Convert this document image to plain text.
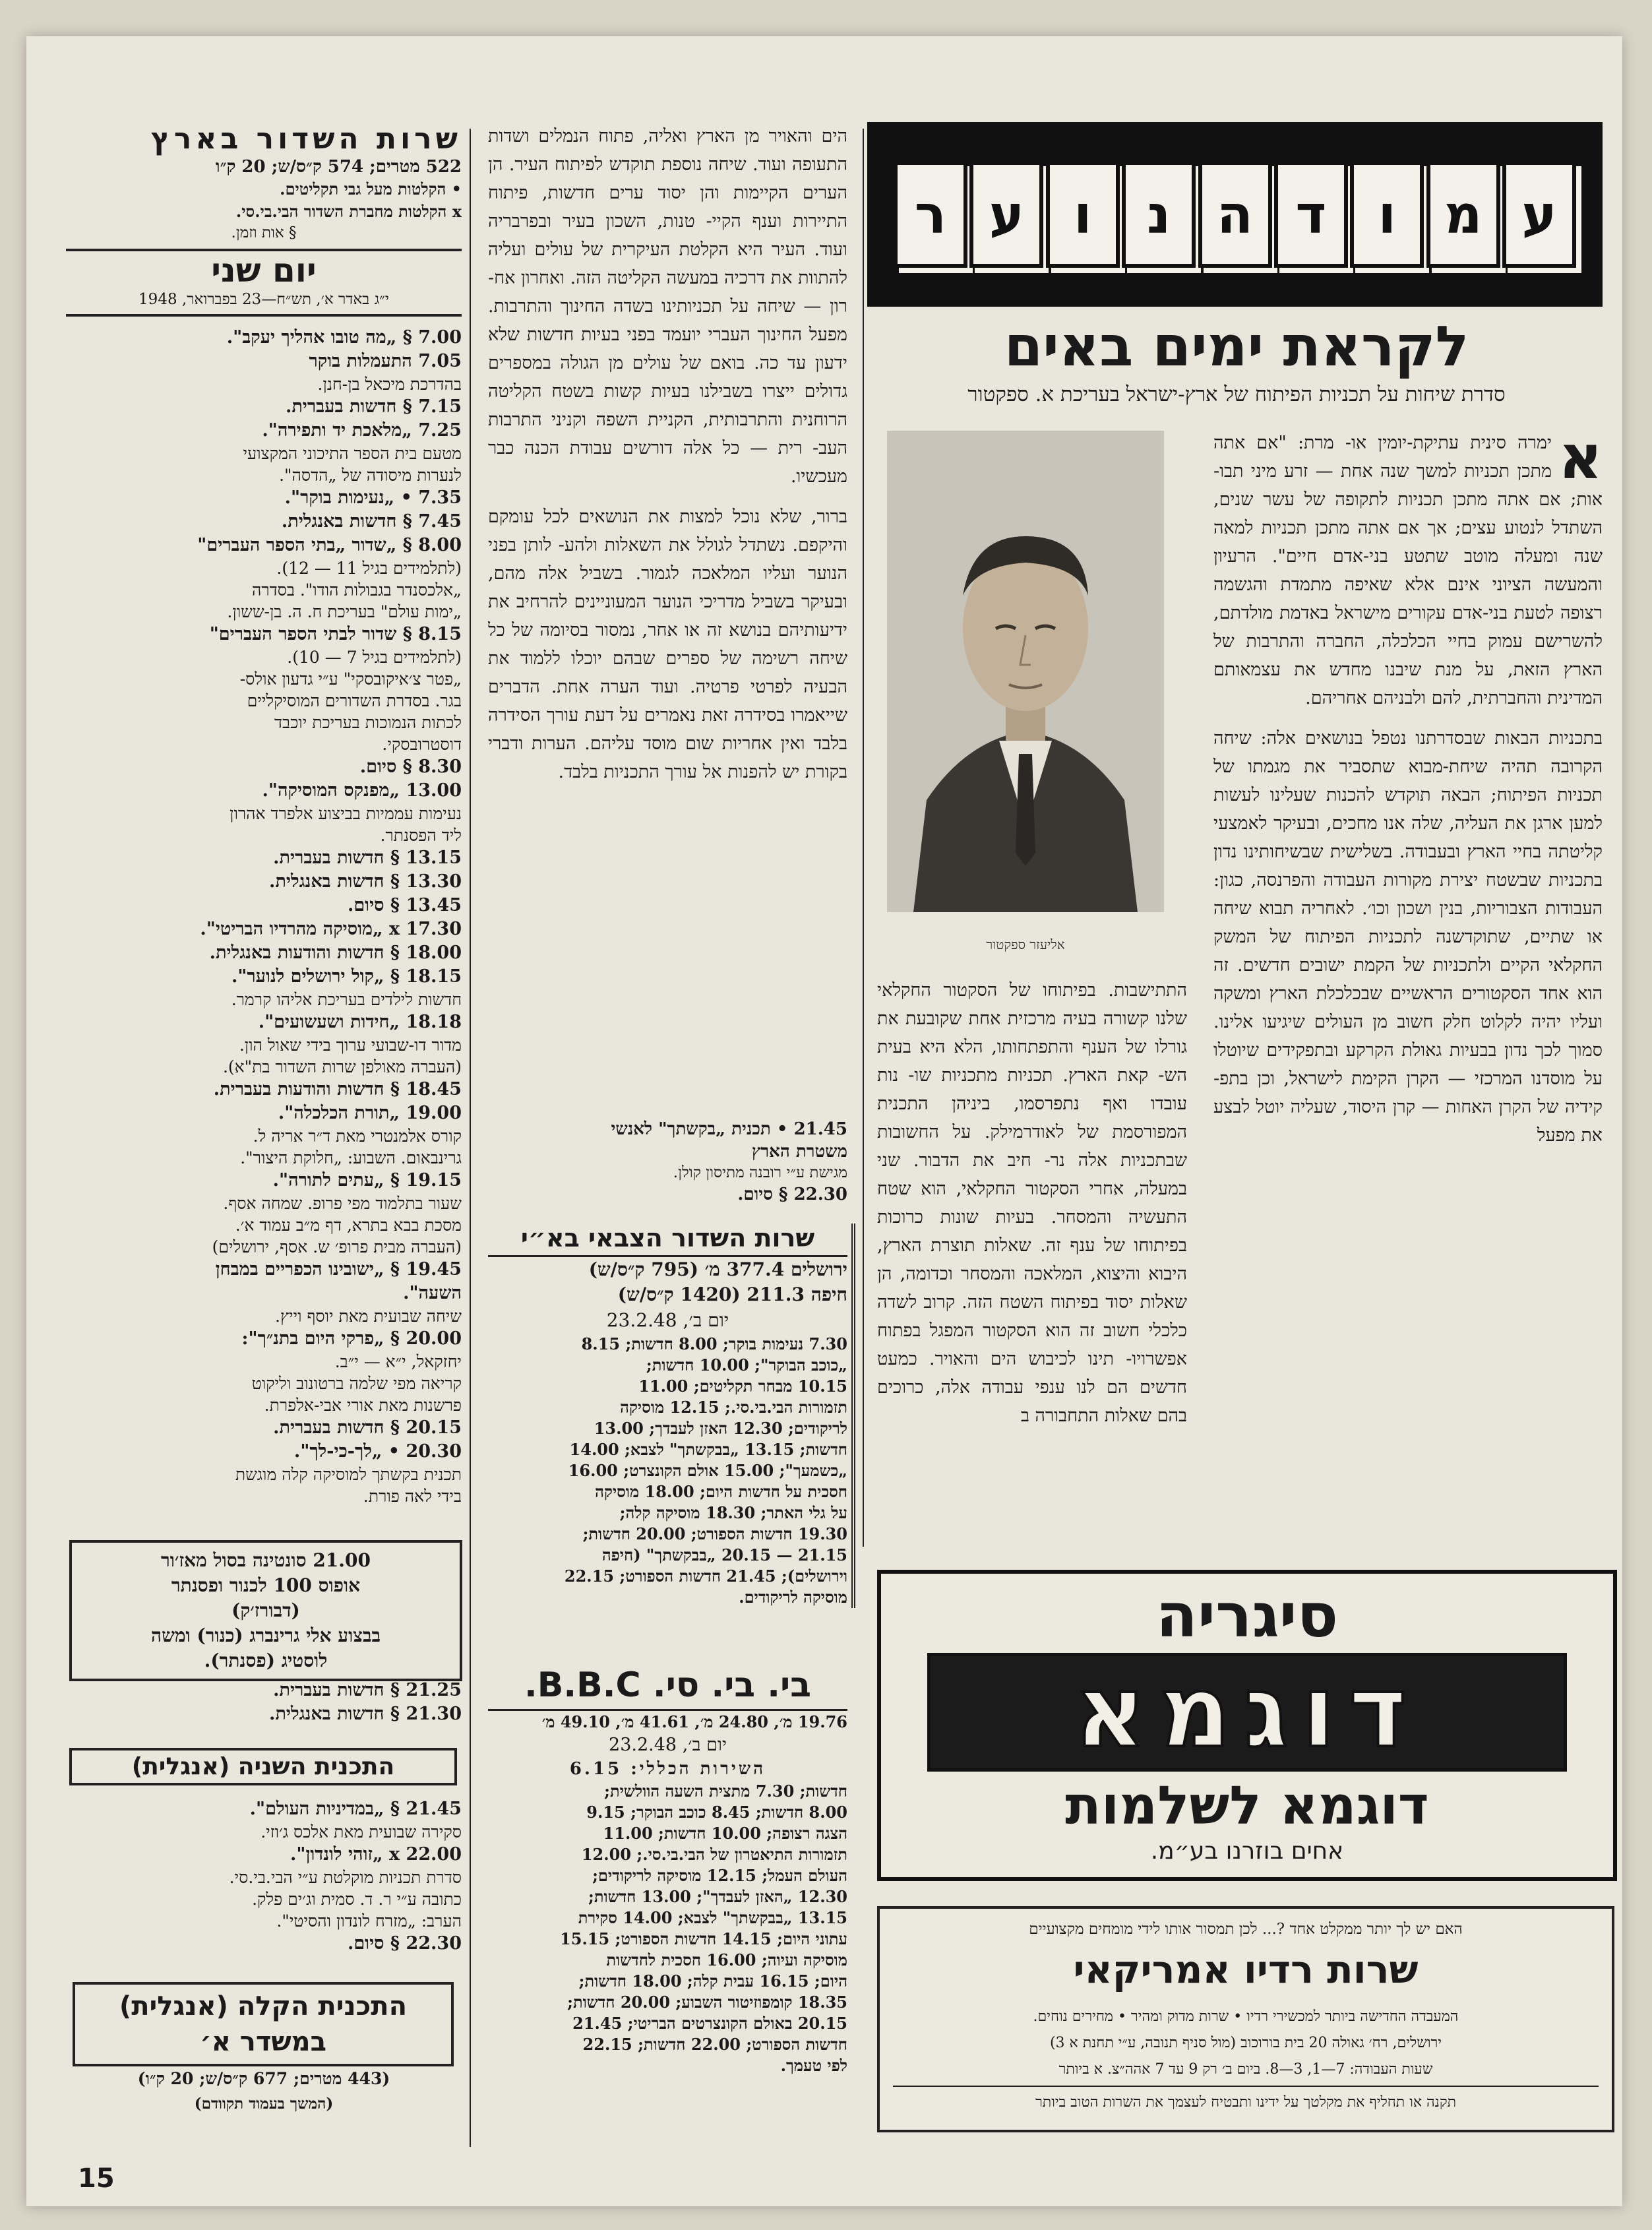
ע
מ
ו
ד
ה
נ
ו
ע
ר
לקראת ימים באים
סדרת שיחות על תכניות הפיתוח של ארץ-ישראל בעריכת א. ספקטור
אליעזר ספקטור
א
ימרה סינית עתיקת-יומין או- מרת: "אם אתה מתכן תכניות למשך שנה אחת — זרע מיני תבו- אות; אם אתה מתכן תכניות לתקופה של עשר שנים, השתדל לנטוע עצים; אך אם אתה מתכן תכניות למאה שנה ומעלה מוטב שתטע בני-אדם חיים". הרעיון והמעשה הציוני אינם אלא שאיפה מתמדת והגשמה רצופה לטעת בני-אדם עקורים מישראל באדמת מולדתם, להשרישם עמוק בחיי הכלכלה, החברה והתרבות של הארץ הזאת, על מנת שיבנו מחדש את עצמאותם המדינית והחברתית, להם ולבניהם אחריהם.
בתכניות הבאות שבסדרתנו נטפל בנושאים אלה: שיחה הקרובה תהיה שיחת-מבוא שתסביר את מגמתו של תכניות הפיתוח; הבאה תוקדש להכנות שעלינו לעשות למען ארגן את העליה, שלה אנו מחכים, ובעיקר לאמצעי קליטתה בחיי הארץ ובעבודה. בשלישית שבשיחותינו נדון בתכניות שבשטח יצירת מקורות העבודה והפרנסה, כגון: העבודות הצבוריות, בנין ושכון וכו׳. לאחריה תבוא שיחה או שתיים, שתוקדשנה לתכניות הפיתוח של המשק החקלאי הקיים ולתכניות של הקמת ישובים חדשים. זה הוא אחד הסקטורים הראשיים שבכלכלת הארץ ומשקה ועליו יהיה לקלוט חלק חשוב מן העולים שיגיעו אלינו. סמוך לכך נדון בבעיות גאולת הקרקע ובתפקידים שיוטלו על מוסדנו המרכזי — הקרן הקימת לישראל, וכן בתפ- קידיה של הקרן האחות — קרן היסוד, שעליה יוטל לבצע את מפעל
התתישבות. בפיתוחו של הסקטור החקלאי שלנו קשורה בעיה מרכזית אחת שקובעת את גורלו של הענף והתפתחותו, הלא היא בעית הש- קאת הארץ. תכניות מתכניות שו- נות עובדו ואף נתפרסמו, ביניהן התכנית המפורסמת של לאודרמילק. על החשובות שבתכניות אלה נר- חיב את הדבור. שני במעלה, אחרי הסקטור החקלאי, הוא שטח התעשיה והמסחר. בעיות שונות כרוכות בפיתוחו של ענף זה. שאלות תוצרת הארץ, היבוא והיצוא, המלאכה והמסחר וכדומה, הן שאלות יסוד בפיתוח השטח הזה. קרוב לשדה כלכלי חשוב זה הוא הסקטור המפגל בפתוח אפשרויו- תינו לכיבוש הים והאויר. כמעט חדשים הם לנו ענפי עבודה אלה, כרוכים בהם שאלות התחבורה ב
הים והאויר מן הארץ ואליה, פתוח הנמלים ושדות התעופה ועוד. שיחה נוספת תוקדש לפיתוח העיר. הן הערים הקיימות והן יסוד ערים חדשות, פיתוח התיירות וענף הקיי- טנות, השכון בעיר ובפרבריה ועוד. העיר היא הקלטת העיקרית של עולים ועליה להתוות את דרכיה במעשה הקליטה הזה. ואחרון אח- רון — שיחה על תכניותינו בשדה החינוך והתרבות. מפעל החינוך העברי יועמד בפני בעיות חדשות שלא ידעון עד כה. בואם של עולים מן הגולה במספרים גדולים ייצרו בשבילנו בעיות קשות בשטח הקליטה הרוחנית והתרבותית, הקניית השפה וקניני התרבות העב- רית — כל אלה דורשים עבודת הכנה כבר מעכשיו.
ברור, שלא נוכל למצות את הנושאים לכל עומקם והיקפם. נשתדל לגולל את השאלות ולהע- לותן בפני הנוער ועליו המלאכה לגמור. בשביל אלה מהם, ובעיקר בשביל מדריכי הנוער המעוניינים להרחיב את ידיעותיהם בנושא זה או אחר, נמסור בסיומה של כל שיחה רשימה של ספרים שבהם יוכלו ללמוד את הבעיה לפרטי פרטיה. ועוד הערה אחת. הדברים שייאמרו בסידרה זאת נאמרים על דעת עורך הסידרה בלבד ואין אחריות שום מוסד עליהם. הערות ודברי בקורת יש להפנות אל עורך התכניות בלבד.
21.45 • תכנית „בקשתך" לאנשי
משטרת הארץ
מגישת ע״י רובנה מתיסון קולן.
22.30 § סיום.
שרות השדור הצבאי בא״י
ירושלים 377.4 מ׳ (795 ק״ס/ש)
חיפה 211.3 (1420 ק״ס/ש)
יום ב׳, 23.2.48
7.30 נעימות בוקר; 8.00 חדשות; 8.15
„כוכב הבוקר"; 10.00 חדשות;
10.15 מבחר תקליטים; 11.00
תזמורות הבי.בי.סי.; 12.15 מוסיקה
לריקודים; 12.30 האזן לעבדך; 13.00
חדשות; 13.15 „בבקשתך" לצבא; 14.00
„כשמעך"; 15.00 אולם הקונצרט; 16.00
חסכית על חדשות היום; 18.00 מוסיקה
על גלי האתר; 18.30 מוסיקה קלה;
19.30 חדשות הספורט; 20.00 חדשות;
21.15 — 20.15 „בבקשתך" (חיפה
וירושלים); 21.45 חדשות הספורט; 22.15
מוסיקה לריקודים.
בי. בי. סי. B.B.C.
19.76 מ׳, 24.80 מ׳, 41.61 מ׳, 49.10 מ׳
יום ב׳, 23.2.48
השירות הכללי: 6.15
חדשות; 7.30 מתצית השעה הוולשית;
8.00 חדשות; 8.45 כוכב הבוקר; 9.15
הצגה רצופה; 10.00 חדשות; 11.00
תזמורות התיאטרון של הבי.בי.סי.; 12.00
העולם העמל; 12.15 מוסיקה לריקודים;
12.30 „האזן לעבדך"; 13.00 חדשות;
13.15 „בבקשתך" לצבא; 14.00 סקירת
עתוני היום; 14.15 חדשות הספורט; 15.15
מוסיקה ועיוה; 16.00 חסכית לחדשות
היום; 16.15 עבית קלה; 18.00 חדשות;
18.35 קומפוזיטור השבוע; 20.00 חדשות;
20.15 באולם הקונצרטים הבריטי; 21.45
חדשות הספורט; 22.00 חדשות; 22.15
לפי טעמך.
שרות השדור בארץ
522 מטרים; 574 ק״ס/ש; 20 ק״ו
• הקלטות מעל גבי תקליטים.
x הקלטות מחברת השדור הבי.בי.סי.
§ אות וזמן.
יום שני
י״ג באדר א׳, תש״ח—23 בפברואר, 1948
7.00 § „מה טובו אהליך יעקב".
7.05 התעמלות בוקר
בהדרכת מיכאל בן-חנן.
7.15 § חדשות בעברית.
7.25 „מלאכת יד ותפירה".
מטעם בית הספר התיכוני המקצועי
לנערות מיסודה של „הדסה".
7.35 • „נעימות בוקר".
7.45 § חדשות באנגלית.
8.00 § „שדור „בתי הספר העברים"
(לתלמידים בגיל 11 — 12).
„אלכסנדר בגבולות הודו". בסדרה
„ימות עולם" בעריכת ח. ה. בן-ששון.
8.15 § שדור לבתי הספר העברים"
(לתלמידים בגיל 7 — 10).
„פטר צ׳איקובסקי" ע״י גדעון אולס-
בגר. בסדרת השדורים המוסיקליים
לכתות הנמוכות בעריכת יוכבד
דוסטרובסקי.
8.30 § סיום.
13.00 „מפנקס המוסיקה".
נעימות עממיות בביצוע אלפרד אהרון
ליד הפסנתר.
13.15 § חדשות בעברית.
13.30 § חדשות באנגלית.
13.45 § סיום.
17.30 x „מוסיקה מהרדיו הבריטי".
18.00 § חדשות והודעות באנגלית.
18.15 § „קול ירושלים לנוער".
חדשות לילדים בעריכת אליהו קרמר.
18.18 „חידות ושעשועים".
מדור דו-שבועי ערוך בידי שאול הון.
(העברה מאולפן שרות השדור בת"א).
18.45 § חדשות והודעות בעברית.
19.00 „תורת הכלכלה".
קורס אלמנטרי מאת ד״ר אריה ל.
גרינבאום. השבוע: „חלוקת היצור".
19.15 § „עתים לתורה".
שעור בתלמוד מפי פרופ. שמחה אסף.
מסכת בבא בתרא, דף מ״ב עמוד א׳.
(העברה מבית פרופ׳ ש. אסף, ירושלים)
19.45 § „ישובינו הכפריים במבחן
השעה".
שיחה שבועית מאת יוסף וייץ.
20.00 § „פרקי היום בתנ״ך":
יחזקאל, י״א — י״ב.
קריאה מפי שלמה ברטונוב וליקוט
פרשנות מאת אורי אבי-אלפרת.
20.15 § חדשות בעברית.
20.30 • „לך-כי-לך".
תכנית בקשתך למוסיקה קלה מוגשת
בידי לאה פורת.
21.00 סונטינה בסול מאז׳ור
אופוס 100 לכנור ופסנתר
(דבורז׳ק)
בבצוע אלי גרינברג (כנור) ומשה
לוסטיג (פסנתר).
21.25 § חדשות בעברית.
21.30 § חדשות באנגלית.
התכנית השניה (אנגלית)
21.45 § „במדיניות העולם".
סקירה שבועית מאת אלכס ג׳וזי.
22.00 x „זוהי לונדון".
סדרת תכניות מוקלטת ע״י הבי.בי.סי.
כתובה ע״י ר. ד. סמית וג׳ים פלק.
הערב: „מזרח לונדון והסיטי".
22.30 § סיום.
התכנית הקלה (אנגלית) במשדר א׳
(443 מטרים; 677 ק״ס/ש; 20 ק״ו)
(המשך בעמוד תקוודם)
סיגריה
דוגמא
דוגמא לשלמות
אחים בוזרנו בע״מ.
האם יש לך יותר ממקלט אחד ?... לכן תמסור אותו לידי מומחים מקצועיים
שרות רדיו אמריקאי
המעבדה החדישה ביותר למכשירי רדיו • שרות מדוק ומהיר • מחירים נוחים.
ירושלים, רח׳ גאולה 20 בית בורוכוב (מול סניף תנובה, ע״י תחנת א 3)
שעות העבודה: 7—1, 3—8. ביום ב׳ רק 9 עד 7 אהה״צ. א ביותר
תקנה או תחליף את מקלטך על ידינו ותבטיח לעצמך את השרות הטוב ביותר
15
